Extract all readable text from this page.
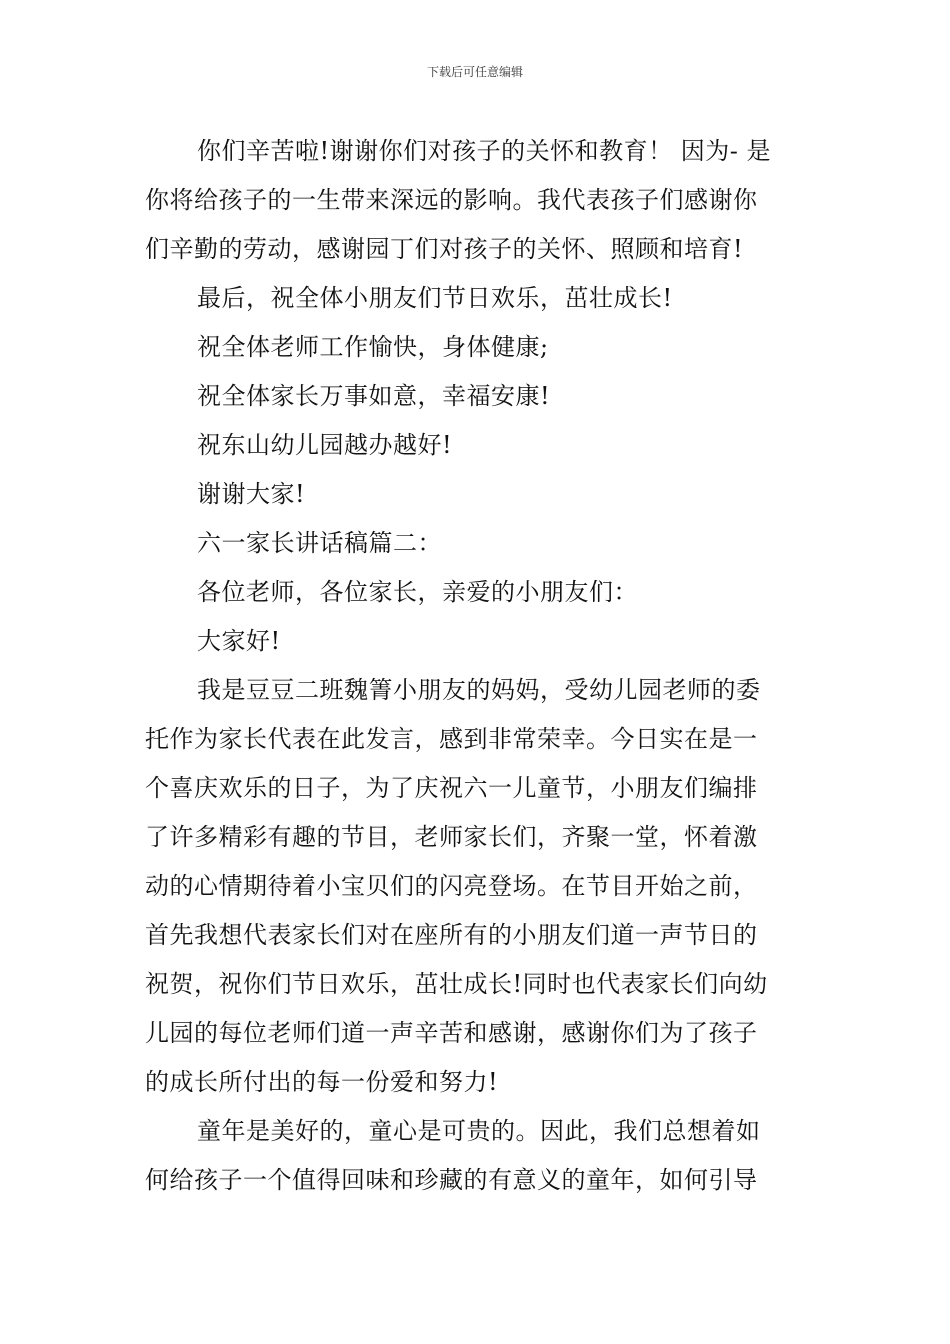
下载后可任意编辑
你们辛苦啦!谢谢你们对孩子的关怀和教育！ 因为- 是
你将给孩子的一生带来深远的影响。我代表孩子们感谢你
们辛勤的劳动，感谢园丁们对孩子的关怀、照顾和培育!
最后，祝全体小朋友们节日欢乐，茁壮成长!
祝全体老师工作愉快，身体健康;
祝全体家长万事如意，幸福安康!
祝东山幼儿园越办越好!
谢谢大家!
六一家长讲话稿篇二：
各位老师，各位家长，亲爱的小朋友们：
大家好!
我是豆豆二班魏箐小朋友的妈妈，受幼儿园老师的委
托作为家长代表在此发言，感到非常荣幸。今日实在是一
个喜庆欢乐的日子，为了庆祝六一儿童节，小朋友们编排
了许多精彩有趣的节目，老师家长们，齐聚一堂，怀着激
动的心情期待着小宝贝们的闪亮登场。在节目开始之前，
首先我想代表家长们对在座所有的小朋友们道一声节日的
祝贺，祝你们节日欢乐，茁壮成长!同时也代表家长们向幼
儿园的每位老师们道一声辛苦和感谢，感谢你们为了孩子
的成长所付出的每一份爱和努力!
童年是美好的，童心是可贵的。因此，我们总想着如
何给孩子一个值得回味和珍藏的有意义的童年，如何引导
